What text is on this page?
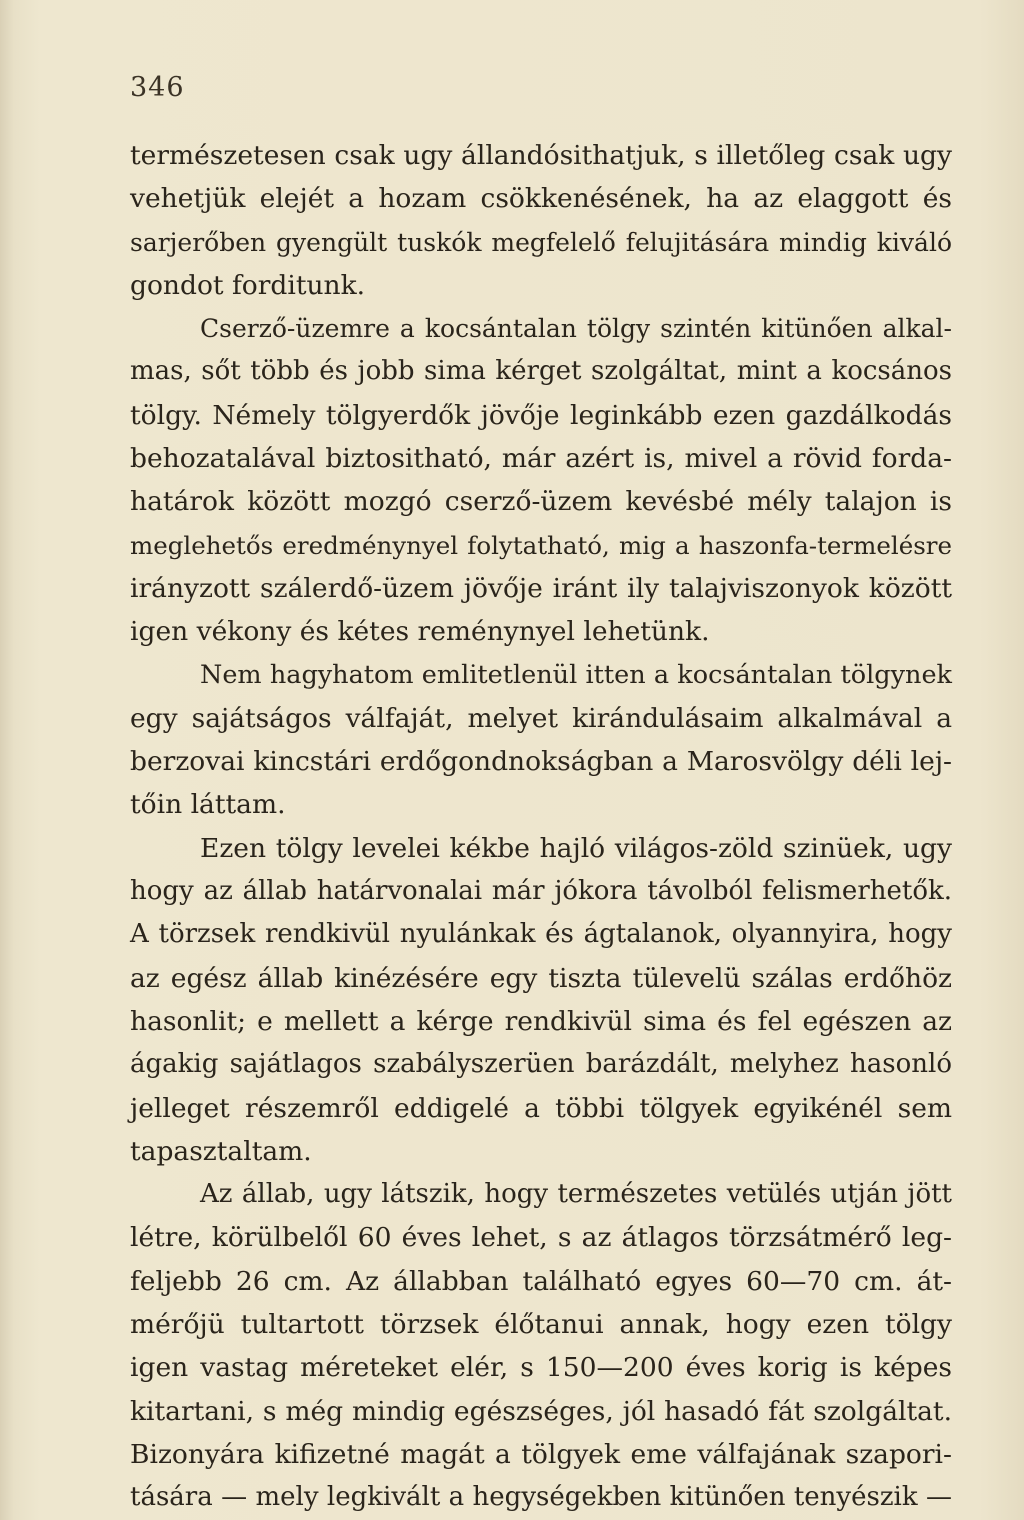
346
természetesen csak ugy állandósithatjuk, s illetőleg csak ugy
vehetjük elejét a hozam csökkenésének, ha az elaggott és
sarjerőben gyengült tuskók megfelelő felujitására mindig kiváló
gondot forditunk.
Cserző-üzemre a kocsántalan tölgy szintén kitünően alkal-
mas, sőt több és jobb sima kérget szolgáltat, mint a kocsános
tölgy. Némely tölgyerdők jövője leginkább ezen gazdálkodás
behozatalával biztositható, már azért is, mivel a rövid forda-
határok között mozgó cserző-üzem kevésbé mély talajon is
meglehetős eredménynyel folytatható, mig a haszonfa-termelésre
irányzott szálerdő-üzem jövője iránt ily talajviszonyok között
igen vékony és kétes reménynyel lehetünk.
Nem hagyhatom emlitetlenül itten a kocsántalan tölgynek
egy sajátságos válfaját, melyet kirándulásaim alkalmával a
berzovai kincstári erdőgondnokságban a Marosvölgy déli lej-
tőin láttam.
Ezen tölgy levelei kékbe hajló világos-zöld szinüek, ugy
hogy az állab határvonalai már jókora távolból felismerhetők.
A törzsek rendkivül nyulánkak és ágtalanok, olyannyira, hogy
az egész állab kinézésére egy tiszta tülevelü szálas erdőhöz
hasonlit; e mellett a kérge rendkivül sima és fel egészen az
ágakig sajátlagos szabályszerüen barázdált, melyhez hasonló
jelleget részemről eddigelé a többi tölgyek egyikénél sem
tapasztaltam.
Az állab, ugy látszik, hogy természetes vetülés utján jött
létre, körülbelől 60 éves lehet, s az átlagos törzsátmérő leg-
feljebb 26 cm. Az állabban található egyes 60—70 cm. át-
mérőjü tultartott törzsek élőtanui annak, hogy ezen tölgy
igen vastag méreteket elér, s 150—200 éves korig is képes
kitartani, s még mindig egészséges, jól hasadó fát szolgáltat.
Bizonyára kifizetné magát a tölgyek eme válfajának szapori-
tására — mely legkivált a hegységekben kitünően tenyészik —
